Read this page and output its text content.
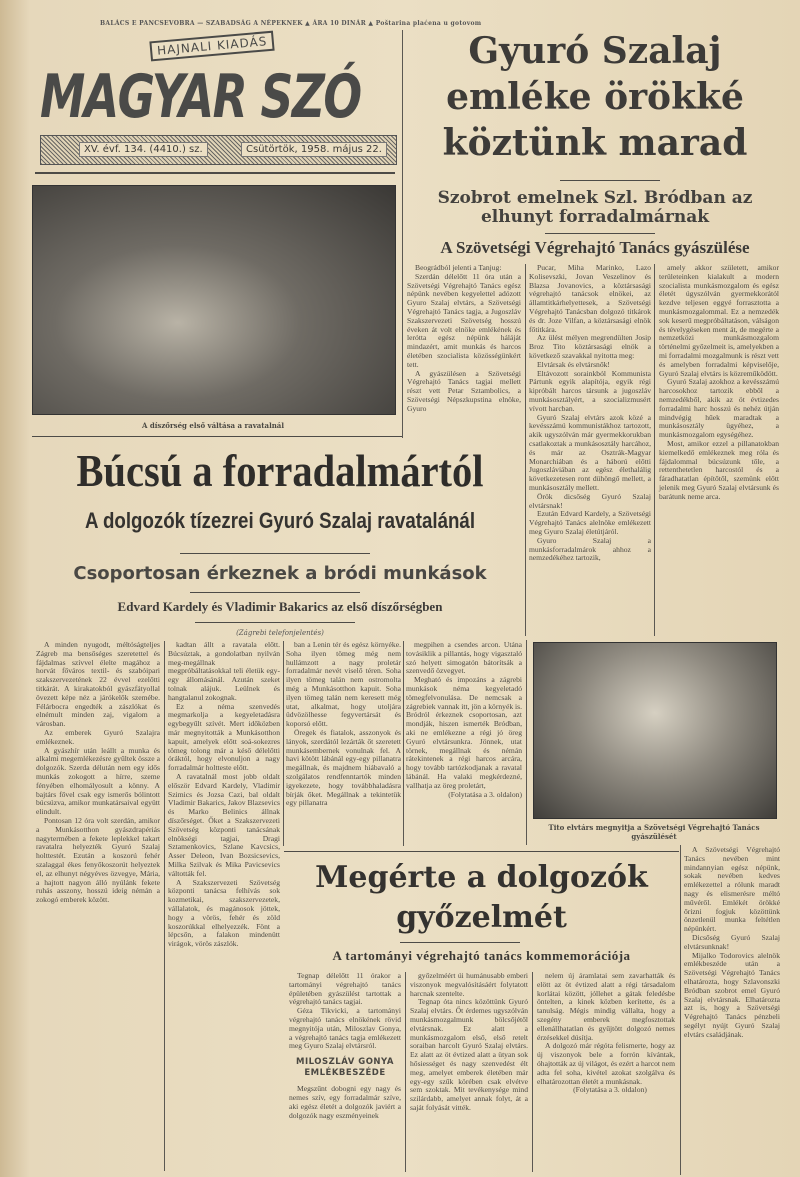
BALÁCS E PANCSEVOBRA — SZABADSÁG A NÉPEKNEK ▲ ÁRA 10 DINÁR ▲ Poštarina plaćena u gotovom
HAJNALI KIADÁS
MAGYAR SZÓ
XV. évf. 134. (4410.) sz.	Csütörtök, 1958. május 22.
A díszőrség első váltása a ravatalnál
Gyuró Szalaj emléke örökké köztünk marad
Szobrot emelnek Szl. Bródban az elhunyt forradalmárnak
A Szövetségi Végrehajtó Tanács gyászülése

Beográdból jelenti a Tanjug:

Szerdán délelőtt 11 óra után a Szövetségi Végrehajtó Tanács egész népünk nevében kegyelettel adózott Gyuro Szalaj elvtárs, a Szövetségi Végrehajtó Tanács tagja, a Jugoszláv Szakszervezeti Szövetség hosszú éveken át volt elnöke emlékének és lerótta egész népünk háláját mindazért, amit munkás és harcos életében szocialista közösségünkért tett.

A gyászülésen a Szövetségi Végrehajtó Tanács tagjai mellett részt vett Petar Sztambolics, a Szövetségi Népszkupstina elnöke, Gyuro

Pucar, Miha Marinko, Lazo Kolisevszki, Jovan Veszelinov és Blazsa Jovanovics, a köztársasági végrehajtó tanácsok elnökei, az államtitkárhelyettesek, a Szövetségi Végrehajtó Tanácsban dolgozó titkárok és dr. Joze Vilfan, a köztársasági elnök főtitkára.

Az ülést mélyen megrendülten Josip Broz Tito köztársasági elnök a következő szavakkal nyitotta meg:

Elvtársak és elvtársnők!

Eltávozott sorainkból Kommunista Pártunk egyik alapítója, egyik régi kipróbált harcos társunk a jugoszláv munkásosztályért, a szocializmusért vívott harcban.

Gyuró Szalaj elvtárs azok közé a kevésszámú kommunistákhoz tartozott, akik ugyszólván már gyermekkorukban csatlakoztak a munkásosztály harcához, és már az Osztrák-Magyar Monarchiában és a háború előtti Jugoszláviában az egész élethalálig következetesen ront dühöngő mellett, a munkásosztály mellett.

Örök dicsőség Gyuró Szalaj elvtársnak!

Ezután Edvard Kardely, a Szövetségi Végrehajtó Tanács alelnöke emlékezett meg Gyuro Szalaj életútjáról.

Gyuro Szalaj a munkásforradalmárok ahhoz a nemzedékéhez tartozik,

amely akkor született, amikor területeinken kialakult a modern szocialista munkásmozgalom és egész életét úgyszólván gyermekkorától kezdve teljesen eggyé forrasztotta a munkásmozgalommal. Ez a nemzedék sok keserű megpróbáltatáson, válságon és tévelygéseken ment át, de megérte a nemzetközi munkásmozgalom történelmi győzelmeit is, amelyekben a mi forradalmi mozgalmunk is részt vett és amelyben forradalmi képviselője, Gyuró Szalaj elvtárs is közreműködött.

Gyuró Szalaj azokhoz a kevésszámú harcosokhoz tartozik ebből a nemzedékből, akik az öt évtizedes forradalmi harc hosszú és nehéz útján mindvégig hűek maradtak a munkásosztály ügyéhez, a munkásmozgalom egységéhez.

Most, amikor ezzel a pillanatokban kiemelkedő emlékeznek meg róla és fájdalommal búcsúzunk tőle, a rettenthetetlen harcostól és a fáradhatatlan építőtől, szemünk előtt jelenik meg Gyuró Szalaj elvtársunk és barátunk neme arca.

A Szövetségi Végrehajtó Tanács nevében mint mindannyian egész népünk, sokak nevében kedves emlékezettel a rólunk maradt nagy és elismerésre méltó művéről. Emlékét örökké őrizni fogjuk közöttünk önzetlenül munka feltétlen népünkért.

Dicsőség Gyuró Szalaj elvtársunknak!

Mijalko Todorovics alelnök emlékbeszéde után a Szövetségi Végrehajtó Tanács elhatározta, hogy Szlavonszki Bródban szobrot emel Gyuró Szalaj elvtársnak. Elhatározta azt is, hogy a Szövetségi Végrehajtó Tanács pénzbeli segélyt nyújt Gyuró Szalaj elvtárs családjának.

Búcsú a forradalmártól
A dolgozók tízezrei Gyuró Szalaj ravatalánál
Csoportosan érkeznek a bródi munkások
Edvard Kardely és Vladimir Bakarics az első díszőrségben
(Zágrebi telefonjelentés)

A minden nyugodt, méltóságteljes Zágreb ma bensőséges szeretettel és fájdalmas szívvel élelte magához a horvát főváros textil- és szabóipari szakszervezetének 22 évvel ezelőtti titkárát. A kirakatokból gyászfátyollal övezett képe néz a járókelők szemébe. Félárbocra engedték a zászlókat és elnémult minden zaj, vigalom a városban.

Az emberek Gyuró Szalajra emlékeznek.

A gyászhír után leállt a munka és alkalmi megemlékezésre gyűltek össze a dolgozók. Szerda délután nem egy idős munkás zokogott a hírre, szeme fényében elhomályosult a könny. A bajtárs fővel csak egy ismerős bólintott búcsúzva, amikor munkatársaival együtt elindult.

Pontosan 12 óra volt szerdán, amikor a Munkásotthon gyászdrapériás nagytermében a fekete leplekkel takart ravatalra helyezték Gyuró Szalaj holttestét. Ezután a koszorú fehér szalaggal ékes fenyőkoszorút helyeztek el, az elhunyt négyéves özvegye, Mária, a hajtott nagyon álló nyúlánk fekete ruhás asszony, hosszú ideig némán a zokogó emberek között.

kadtan állt a ravatala előtt. Búcsúztak, a gondolatban nyilván meg-megállnak megpróbáltatásokkal teli életük egy-egy állomásánál. Azután szeket tolnak alájuk. Leülnek és hangtalanul zokognak.

Ez a néma szenvedés megmarkolja a kegyeletadásra egybegyűlt szívét. Mert időközben már megnyitották a Munkásotthon kapuit, amelyek előtt soá-sokezres tömeg tolong már a késő délelőtti óráktól, hogy elvonuljon a nagy forradalmár holtteste előtt.

A ravatalnál most jobb oldalt először Edvard Kardely, Vladimir Szimics és Jozsa Cazi, bal oldalt Vladimir Bakarics, Jakov Blazsevics és Marko Belinics állnak díszőrséget. Őket a Szakszervezeti Szövetség központi tanácsának elnökségi tagjai, Dragi Sztamenkovics, Szlane Kavcsics, Asser Deleon, Ivan Bozsicsevics, Milka Szilvak és Mika Pavicsevics váltották fel.

A Szakszervezeti Szövetség központi tanácsa felhívás sok kozmetikai, szakszervezetek, vállalatok, és magánosok jöttek, hogy a vörös, fehér és zöld koszorúkkal elhelyezzék. Fönt a lépcsőn, a falakon mindenütt virágok, vörös zászlók.

ban a Lenin tér és egész környéke. Soha ilyen tömeg még nem hullámzott a nagy proletár forradalmár nevét viselő téren. Soha ilyen tömeg talán nem ostromolta még a Munkásotthon kapuit. Soha ilyen tömeg talán nem keresett még utat, alkalmat, hogy utoljára üdvözölhesse fegyvertársát és koporsó előtt.

Öregek és fiatalok, asszonyok és lányok, szerdától lezárták őt szeretett munkásembernek vonulnak fel. A havi kötött lábánál egy-egy pillanatra megállnak, és majdnem hiábavaló a szolgálatos rendfenntartók minden igyekezete, hogy továbbhaladásra bírják őket. Megállnak a tekintetük egy pillanatra

megpihen a csendes arcon. Utána továsiklik a pillantás, hogy vigasztaló szó helyett simogatón bátorítsák a szenvedő özvegyet.

Megható és impozáns a zágrebi munkások néma kegyeletadó tömegfelvonulása. De nemcsak a zágrebiek vannak itt, jön a környék is. Bródról érkeznek csoportosan, azt mondják, hiszen ismerték Bródban, aki ne emlékezne a régi jó öreg Gyuró elvtársunkra. Jönnek, utat törnek, megállnak és némán rátekintenek a régi harcos arcára, hogy tovább tartózkodjanak a ravatal lábánál. Ha valaki megkérdezné, vallhatja az öreg proletárt,

(Folytatása a 3. oldalon)

Tito elvtárs megnyitja a Szövetségi Végrehajtó Tanács gyászülését
Megérte a dolgozók győzelmét
A tartományi végrehajtó tanács kommemorációja

Tegnap délelőtt 11 órakor a tartományi végrehajtó tanács épületében gyászülést tartottak a végrehajtó tanács tagjai.

Géza Tikvicki, a tartományi végrehajtó tanács elnökének rövid megnyitója után, Miloszlav Gonya, a végrehajtó tanács tagja emlékezett meg Gyuro Szalaj elvtársról.

MILOSZLÁV GONYA EMLÉKBESZÉDE

Megszűnt dobogni egy nagy és nemes szív, egy forradalmár szíve, aki egész életét a dolgozók javiért a dolgozók nagy eszményeinek

győzelméért úi humánusabb emberi viszonyok megvalósításáért folytatott harcnak szentelte.

Tegnap óta nincs közöttünk Gyuró Szalaj elvtárs. Őt érdemes ugyszólván munkásmozgalmunk bölcsőjétől elvtársnak. Ez alatt a munkásmozgalom első, első retelt soraiban harcolt Gyuró Szalaj elvtárs. Ez alatt az öt évtized alatt a ütyan sok hősiességet és nagy szenvedést élt meg, amelyet emberek életében már egy-egy szűk körében csak elvétve sem szoktak. Mit tevékenysége mind szilárdabb, amelyet annak folyt, át a saját folyását vitték.

nelem új áramlatai sem zavarhatták és elött az öt évtized alatt a régi társadalom korlátai között, jóllehet a gátak feledésbe öntelten, a kinek közben kerítette, és a tanulság. Mégis mindig vállalta, hogy a szegény emberek megfosztottak ellenállhatatlan és gyűjtött dolgozó nemes érzésekkel dúsítja.

A dolgozó már régóta felismerte, hogy az új viszonyok bele a forrón kívántak, óhajtották az új világot, és ezért a harcot nem adta fel soha, kivétel azokat szolgálva és elhatározottan életét a munkásnak.

(Folytatása a 3. oldalon)
